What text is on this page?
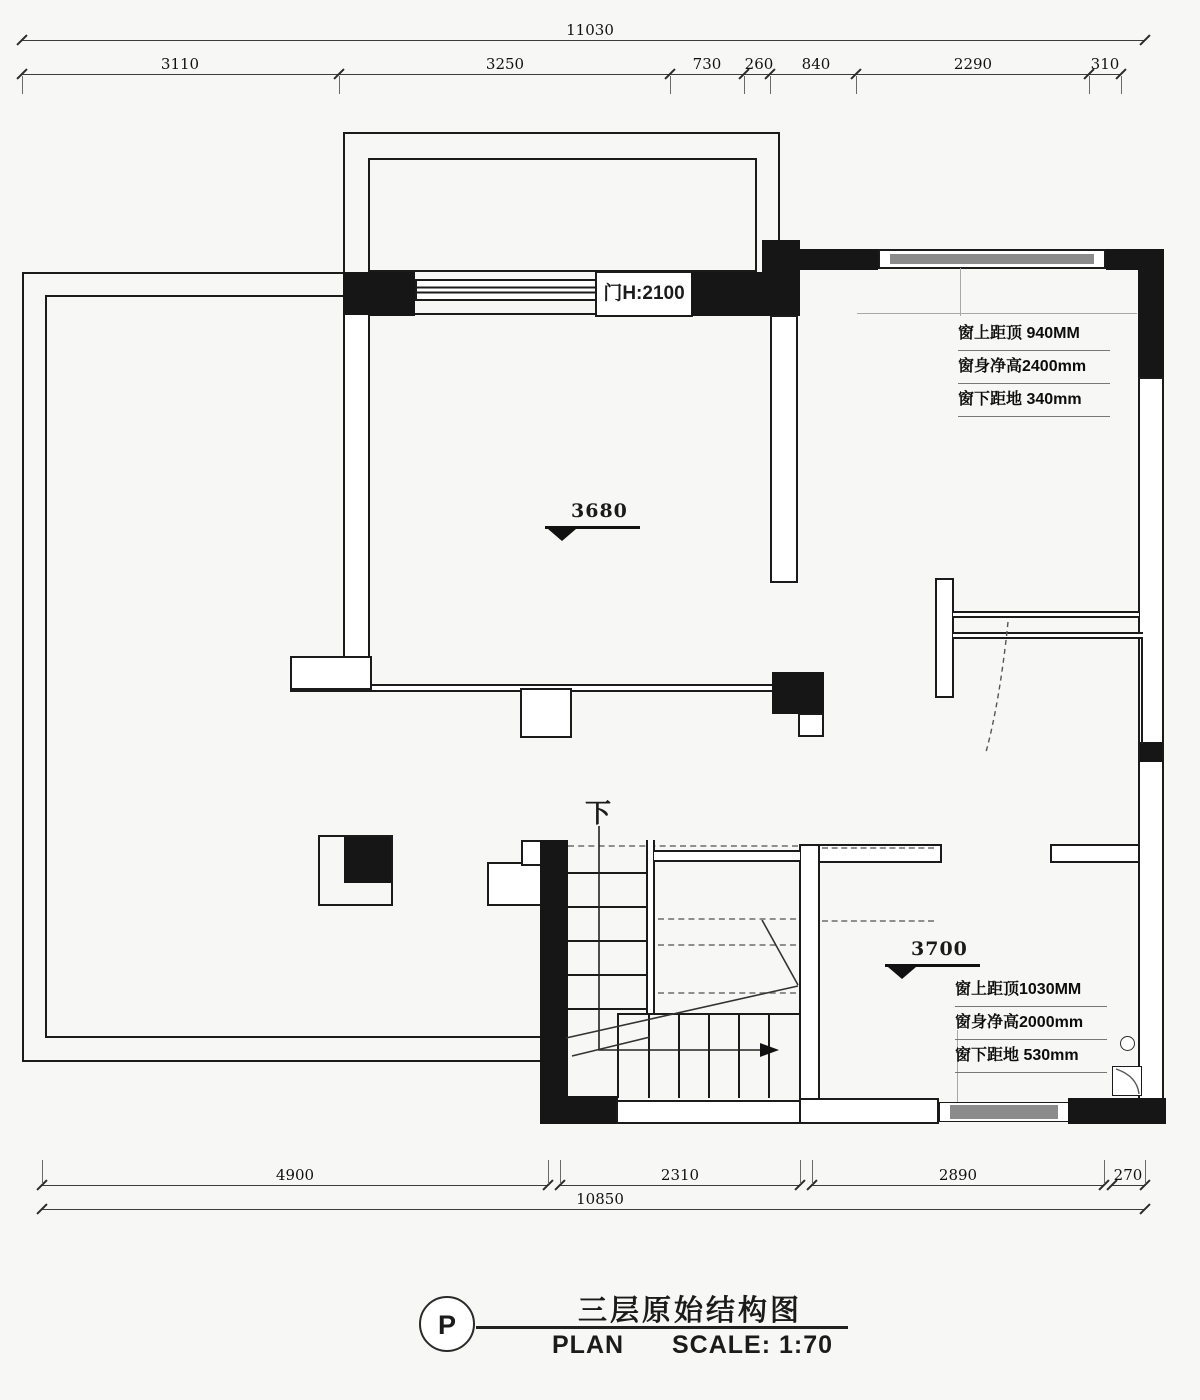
11030
3110	3250	730	260	840	2290	310
门H:2100
下
3680
3700
窗上距顶 940MM
窗身净高2400mm
窗下距地 340mm
窗上距顶1030MM
窗身净高2000mm
窗下距地 530mm
4900	2310	2890	270
10850
P	三层原始结构图
PLAN SCALE: 1:70
